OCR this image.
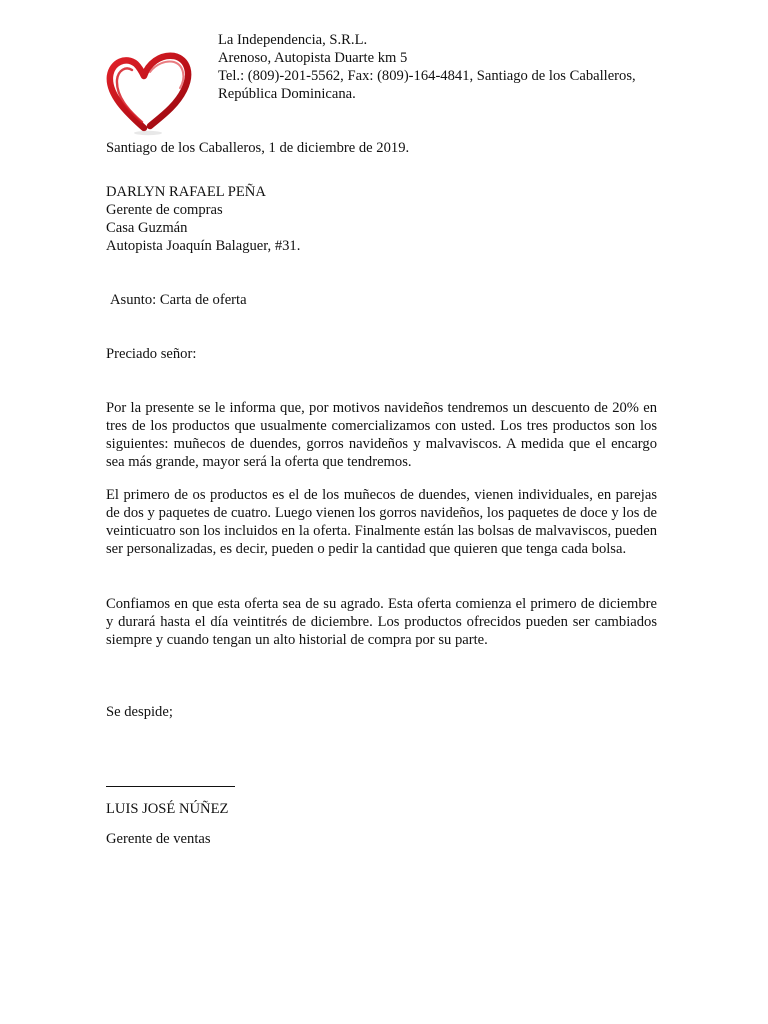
La Independencia, S.R.L.
Arenoso, Autopista Duarte km 5
Tel.: (809)-201-5562, Fax: (809)-164-4841, Santiago de los Caballeros,
República Dominicana.
Santiago de los Caballeros, 1 de diciembre de 2019.
DARLYN RAFAEL PEÑA
Gerente de compras
Casa Guzmán
Autopista Joaquín Balaguer, #31.
Asunto: Carta de oferta
Preciado señor:
Por la presente se le informa que, por motivos navideños tendremos un descuento de 20% en tres de los productos que usualmente comercializamos con usted. Los tres productos son los siguientes: muñecos de duendes, gorros navideños y malvaviscos. A medida que el encargo sea más grande, mayor será la oferta que tendremos.
El primero de os productos es el de los muñecos de duendes, vienen individuales, en parejas de dos y paquetes de cuatro. Luego vienen los gorros navideños, los paquetes de doce y los de veinticuatro son los incluidos en la oferta. Finalmente están las bolsas de malvaviscos, pueden ser personalizadas, es decir, pueden o pedir la cantidad que quieren que tenga cada bolsa.
Confiamos en que esta oferta sea de su agrado. Esta oferta comienza el primero de diciembre y durará hasta el día veintitrés de diciembre. Los productos ofrecidos pueden ser cambiados siempre y cuando tengan un alto historial de compra por su parte.
Se despide;
LUIS JOSÉ NÚÑEZ
Gerente de ventas
